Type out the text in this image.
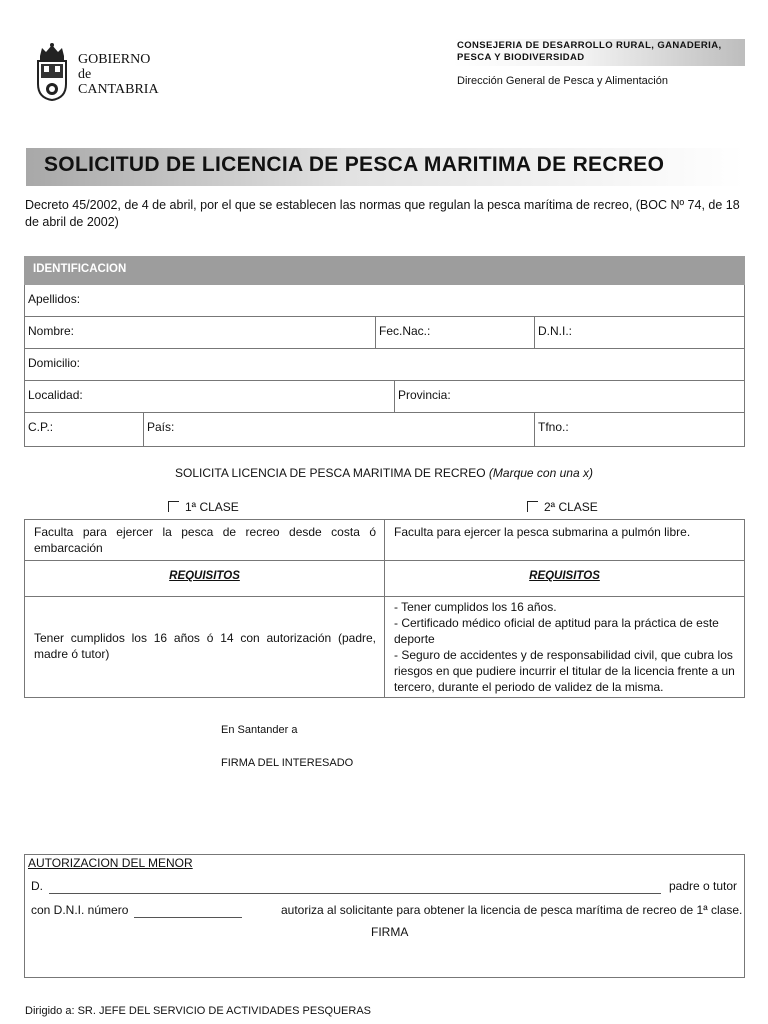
GOBIERNO
de
CANTABRIA
CONSEJERIA DE DESARROLLO RURAL, GANADERIA,
PESCA Y BIODIVERSIDAD
Dirección General de Pesca y Alimentación
SOLICITUD DE LICENCIA DE PESCA MARITIMA DE RECREO
Decreto 45/2002, de 4 de abril, por el que se establecen las normas que regulan la pesca marítima de recreo, (BOC Nº 74, de 18 de abril de 2002)
IDENTIFICACION
Apellidos:
Nombre:	Fec.Nac.:	D.N.I.:
Domicilio:
Localidad:	Provincia:
C.P.:	País:	Tfno.:
SOLICITA LICENCIA DE PESCA MARITIMA DE RECREO (Marque con una x)
1ª CLASE	2ª CLASE
Faculta para ejercer la pesca de recreo desde costa ó embarcación
Faculta para ejercer la pesca submarina a pulmón libre.
REQUISITOS	REQUISITOS
Tener cumplidos los 16 años ó 14 con autorización (padre, madre ó tutor)
- Tener cumplidos los 16 años.
- Certificado médico oficial de aptitud para la práctica de este deporte
- Seguro de accidentes y de responsabilidad civil, que cubra los riesgos en que pudiere incurrir el titular de la licencia frente a un tercero, durante el periodo de validez de la misma.
En Santander a
FIRMA DEL INTERESADO
AUTORIZACION DEL MENOR
D.	padre o tutor
con D.N.I. número	autoriza al solicitante para obtener la licencia de pesca marítima de recreo de 1ª clase.
FIRMA
Dirigido a: SR. JEFE DEL SERVICIO DE ACTIVIDADES PESQUERAS
